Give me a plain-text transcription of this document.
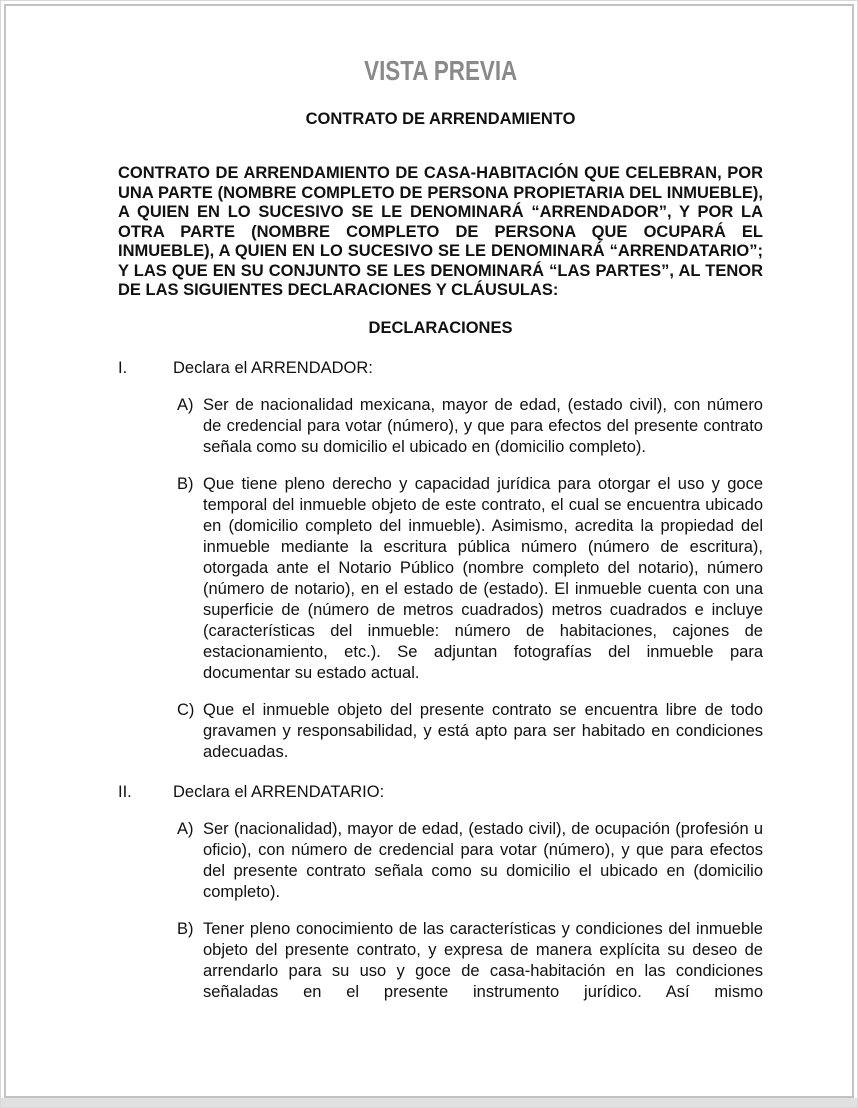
VISTA PREVIA
CONTRATO DE ARRENDAMIENTO

CONTRATO DE ARRENDAMIENTO DE CASA-HABITACIÓN QUE CELEBRAN, POR UNA PARTE (NOMBRE COMPLETO DE PERSONA PROPIETARIA DEL INMUEBLE), A QUIEN EN LO SUCESIVO SE LE DENOMINARÁ “ARRENDADOR”, Y POR LA OTRA PARTE (NOMBRE COMPLETO DE PERSONA QUE OCUPARÁ EL INMUEBLE), A QUIEN EN LO SUCESIVO SE LE DENOMINARÁ “ARRENDATARIO”; Y LAS QUE EN SU CONJUNTO SE LES DENOMINARÁ “LAS PARTES”, AL TENOR DE LAS SIGUIENTES DECLARACIONES Y CLÁUSULAS:

DECLARACIONES
I.	Declara el ARRENDADOR:
A) Ser de nacionalidad mexicana, mayor de edad, (estado civil), con número de credencial para votar (número), y que para efectos del presente contrato señala como su domicilio el ubicado en (domicilio completo).
B) Que tiene pleno derecho y capacidad jurídica para otorgar el uso y goce temporal del inmueble objeto de este contrato, el cual se encuentra ubicado en (domicilio completo del inmueble). Asimismo, acredita la propiedad del inmueble mediante la escritura pública número (número de escritura), otorgada ante el Notario Público (nombre completo del notario), número (número de notario), en el estado de (estado). El inmueble cuenta con una superficie de (número de metros cuadrados) metros cuadrados e incluye (características del inmueble: número de habitaciones, cajones de estacionamiento, etc.). Se adjuntan fotografías del inmueble para documentar su estado actual.
C) Que el inmueble objeto del presente contrato se encuentra libre de todo gravamen y responsabilidad, y está apto para ser habitado en condiciones adecuadas.
II. Declara el ARRENDATARIO:
A) Ser (nacionalidad), mayor de edad, (estado civil), de ocupación (profesión u oficio), con número de credencial para votar (número), y que para efectos del presente contrato señala como su domicilio el ubicado en (domicilio completo).
B) Tener pleno conocimiento de las características y condiciones del inmueble objeto del presente contrato, y expresa de manera explícita su deseo de arrendarlo para su uso y goce de casa-habitación en las condiciones señaladas en el presente instrumento jurídico. Así mismo
